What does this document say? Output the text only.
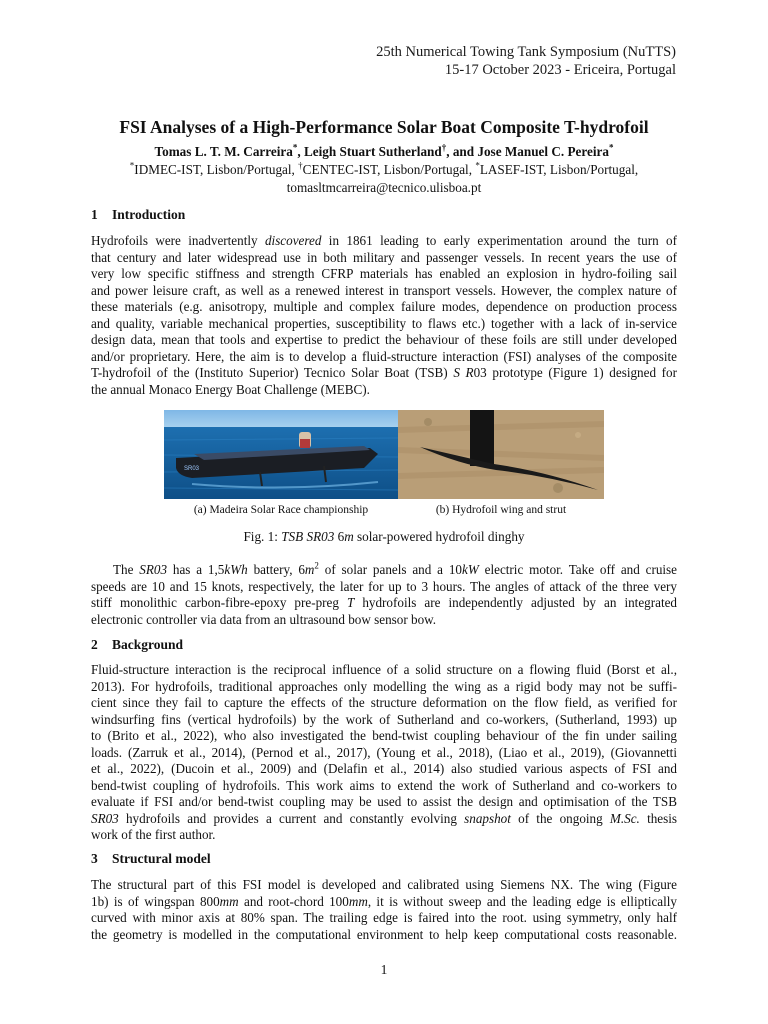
25th Numerical Towing Tank Symposium (NuTTS)
15-17 October 2023 - Ericeira, Portugal
FSI Analyses of a High-Performance Solar Boat Composite T-hydrofoil
Tomas L. T. M. Carreira*, Leigh Stuart Sutherland†, and Jose Manuel C. Pereira*
*IDMEC-IST, Lisbon/Portugal, †CENTEC-IST, Lisbon/Portugal, *LASEF-IST, Lisbon/Portugal,
tomasltmcarreira@tecnico.ulisboa.pt
1 Introduction
Hydrofoils were inadvertently discovered in 1861 leading to early experimentation around the turn of
that century and later widespread use in both military and passenger vessels. In recent years the use of
very low specific stiffness and strength CFRP materials has enabled an explosion in hydro-foiling sail
and power leisure craft, as well as a renewed interest in transport vessels. However, the complex nature of
these materials (e.g. anisotropy, multiple and complex failure modes, dependence on production process
and quality, variable mechanical properties, susceptibility to flaws etc.) together with a lack of in-service
design data, mean that tools and expertise to predict the behaviour of these foils are still under developed
and/or proprietary. Here, the aim is to develop a fluid-structure interaction (FSI) analyses of the composite
T-hydrofoil of the (Instituto Superior) Tecnico Solar Boat (TSB) S R03 prototype (Figure 1) designed for
the annual Monaco Energy Boat Challenge (MEBC).
SR03
(a) Madeira Solar Race championship	(b) Hydrofoil wing and strut
Fig. 1: TSB SR03 6m solar-powered hydrofoil dinghy
The SR03 has a 1,5kWh battery, $6m^2$ of solar panels and a 10kW electric motor. Take off and cruise
speeds are 10 and 15 knots, respectively, the later for up to 3 hours. The angles of attack of the three very
stiff monolithic carbon-fibre-epoxy pre-preg T hydrofoils are independently adjusted by an integrated
electronic controller via data from an ultrasound bow sensor bow.
2 Background
Fluid-structure interaction is the reciprocal influence of a solid structure on a flowing fluid (Borst et al.,
2013). For hydrofoils, traditional approaches only modelling the wing as a rigid body may not be suffi-
cient since they fail to capture the effects of the structure deformation on the flow field, as verified for
windsurfing fins (vertical hydrofoils) by the work of Sutherland and co-workers, (Sutherland, 1993) up
to (Brito et al., 2022), who also investigated the bend-twist coupling behaviour of the fin under sailing
loads. (Zarruk et al., 2014), (Pernod et al., 2017), (Young et al., 2018), (Liao et al., 2019), (Giovannetti
et al., 2022), (Ducoin et al., 2009) and (Delafin et al., 2014) also studied various aspects of FSI and
bend-twist coupling of hydrofoils. This work aims to extend the work of Sutherland and co-workers to
evaluate if FSI and/or bend-twist coupling may be used to assist the design and optimisation of the TSB
SR03 hydrofoils and provides a current and constantly evolving snapshot of the ongoing M.Sc. thesis
work of the first author.
3 Structural model
The structural part of this FSI model is developed and calibrated using Siemens NX. The wing (Figure
1b) is of wingspan 800mm and root-chord 100mm, it is without sweep and the leading edge is elliptically
curved with minor axis at 80% span. The trailing edge is faired into the root. using symmetry, only half
the geometry is modelled in the computational environment to help keep computational costs reasonable.
1
